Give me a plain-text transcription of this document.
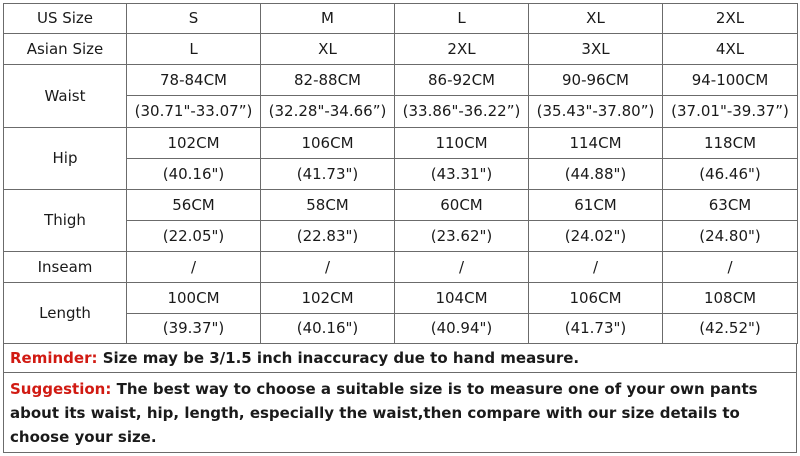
US Size	S	M	L	XL	2XL
Asian Size	L	XL	2XL	3XL	4XL
Waist	78-84CM	82-88CM	86-92CM	90-96CM	94-100CM
	(30.71"-33.07”)	(32.28"-34.66”)	(33.86"-36.22”)	(35.43"-37.80”)	(37.01"-39.37”)
Hip	102CM	106CM	110CM	114CM	118CM
	(40.16")	(41.73")	(43.31")	(44.88")	(46.46")
Thigh	56CM	58CM	60CM	61CM	63CM
	(22.05")	(22.83")	(23.62")	(24.02")	(24.80")
Inseam	/	/	/	/	/
Length	100CM	102CM	104CM	106CM	108CM
	(39.37")	(40.16")	(40.94")	(41.73")	(42.52")
Reminder: Size may be 3/1.5 inch inaccuracy due to hand measure.
Suggestion: The best way to choose a suitable size is to measure one of your own pants about its waist, hip, length, especially the waist,then compare with our size details to choose your size.
